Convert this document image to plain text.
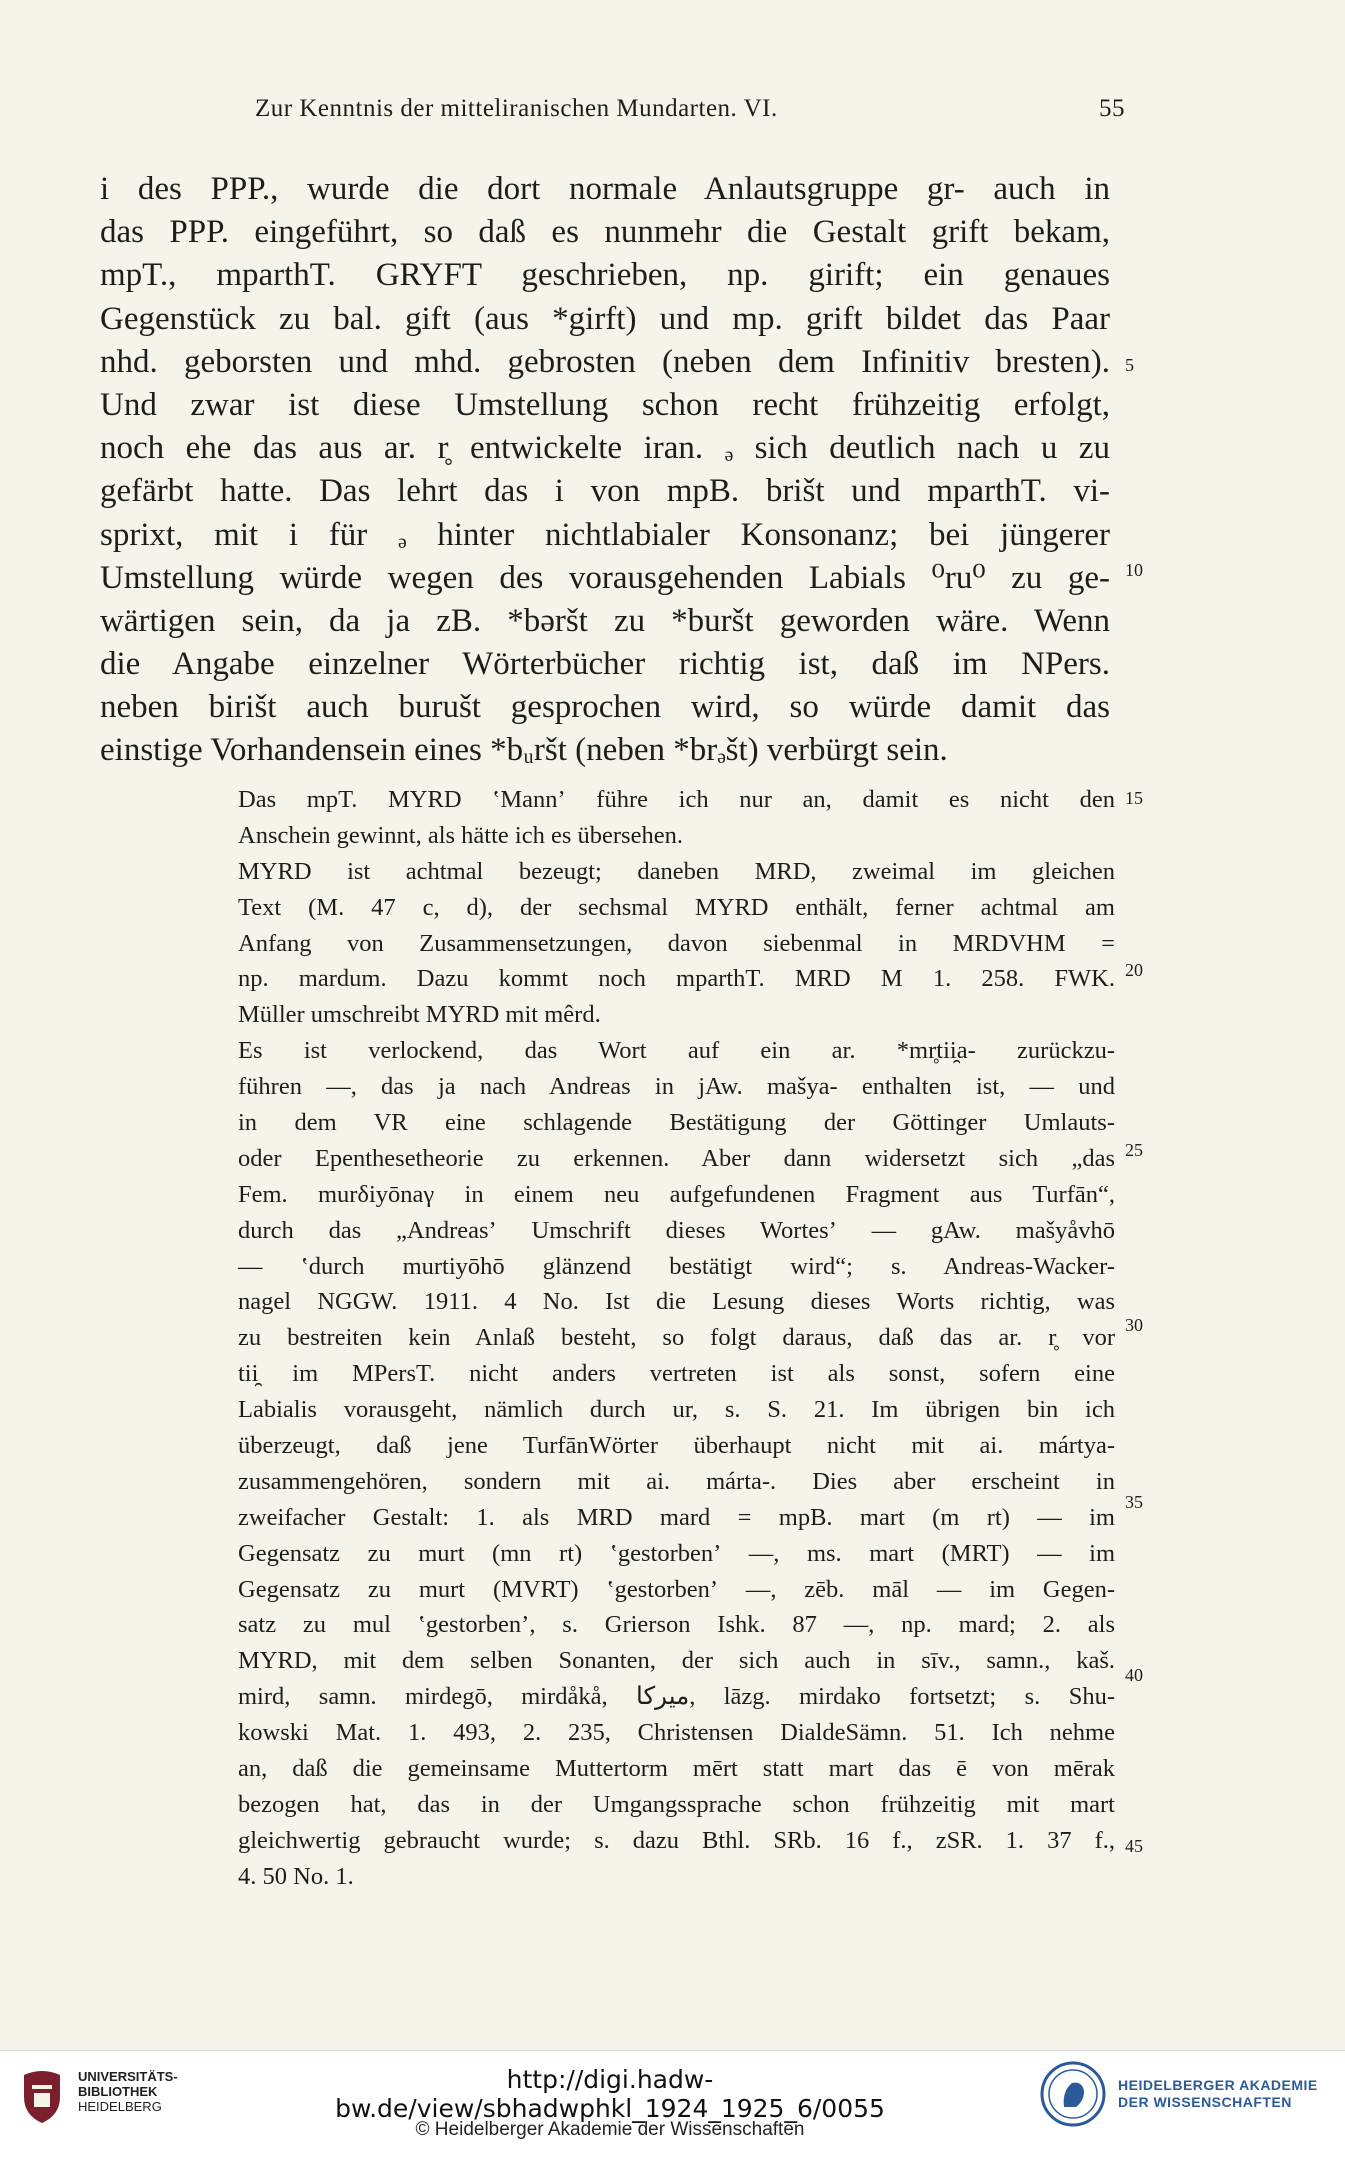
Zur Kenntnis der mitteliranischen Mundarten. VI.	55
i des PPP., wurde die dort normale Anlautsgruppe gr- auch in
das PPP. eingeführt, so daß es nunmehr die Gestalt grift bekam,
mpT., mparthT. GRYFT geschrieben, np. girift; ein genaues
Gegenstück zu bal. gift (aus *girft) und mp. grift bildet das Paar
nhd. geborsten und mhd. gebrosten (neben dem Infinitiv bresten).
Und zwar ist diese Umstellung schon recht frühzeitig erfolgt,
noch ehe das aus ar. r̥ entwickelte iran. ₔ sich deutlich nach u zu
gefärbt hatte. Das lehrt das i von mpB. brišt und mparthT. vi-
sprixt, mit i für ₔ hinter nichtlabialer Konsonanz; bei jüngerer
Umstellung würde wegen des vorausgehenden Labials ⁰ru⁰ zu ge-
wärtigen sein, da ja zB. *bəršt zu *buršt geworden wäre. Wenn
die Angabe einzelner Wörterbücher richtig ist, daß im NPers.
neben birišt auch burušt gesprochen wird, so würde damit das
einstige Vorhandensein eines *bᵤršt (neben *brₔšt) verbürgt sein.
Das mpT. MYRD ʽMannʼ führe ich nur an, damit es nicht den
Anschein gewinnt, als hätte ich es übersehen.
MYRD ist achtmal bezeugt; daneben MRD, zweimal im gleichen
Text (M. 47 c, d), der sechsmal MYRD enthält, ferner achtmal am
Anfang von Zusammensetzungen, davon siebenmal in MRDVHM =
np. mardum. Dazu kommt noch mparthT. MRD M 1. 258. FWK.
Müller umschreibt MYRD mit mêrd.
Es ist verlockend, das Wort auf ein ar. *mr̥tii̯a- zurückzu-
führen —, das ja nach Andreas in jAw. mašya- enthalten ist, — und
in dem VR eine schlagende Bestätigung der Göttinger Umlauts-
oder Epenthesetheorie zu erkennen. Aber dann widersetzt sich „das
Fem. murδiyōnaγ in einem neu aufgefundenen Fragment aus Turfān“,
durch das „Andreasʼ Umschrift dieses Wortesʼ — gAw. mašyåvhō
— ʽdurch murtiyōhō glänzend bestätigt wird“; s. Andreas-Wacker-
nagel NGGW. 1911. 4 No. Ist die Lesung dieses Worts richtig, was
zu bestreiten kein Anlaß besteht, so folgt daraus, daß das ar. r̥ vor
tii̯ im MPersT. nicht anders vertreten ist als sonst, sofern eine
Labialis vorausgeht, nämlich durch ur, s. S. 21. Im übrigen bin ich
überzeugt, daß jene TurfānWörter überhaupt nicht mit ai. mártya-
zusammengehören, sondern mit ai. márta-. Dies aber erscheint in
zweifacher Gestalt: 1. als MRD mard = mpB. mart (m rt) — im
Gegensatz zu murt (mn rt) ʽgestorbenʼ —, ms. mart (MRT) — im
Gegensatz zu murt (MVRT) ʽgestorbenʼ —, zēb. māl — im Gegen-
satz zu mul ʽgestorbenʼ, s. Grierson Ishk. 87 —, np. mard; 2. als
MYRD, mit dem selben Sonanten, der sich auch in sīv., samn., kaš.
mird, samn. mirdegō, mirdåkå, میرکا, lāzg. mirdako fortsetzt; s. Shu-
kowski Mat. 1. 493, 2. 235, Christensen DialdeSämn. 51. Ich nehme
an, daß die gemeinsame Muttertorm mērt statt mart das ē von mērak
bezogen hat, das in der Umgangssprache schon frühzeitig mit mart
gleichwertig gebraucht wurde; s. dazu Bthl. SRb. 16 f., zSR. 1. 37 f.,
4. 50 No. 1.
5
10
15
20
25
30
35
40
45
UNIVERSITÄTS-
BIBLIOTHEK
HEIDELBERG
http://digi.hadw-bw.de/view/sbhadwphkl_1924_1925_6/0055
© Heidelberger Akademie der Wissenschaften
HEIDELBERGER AKADEMIE
DER WISSENSCHAFTEN
